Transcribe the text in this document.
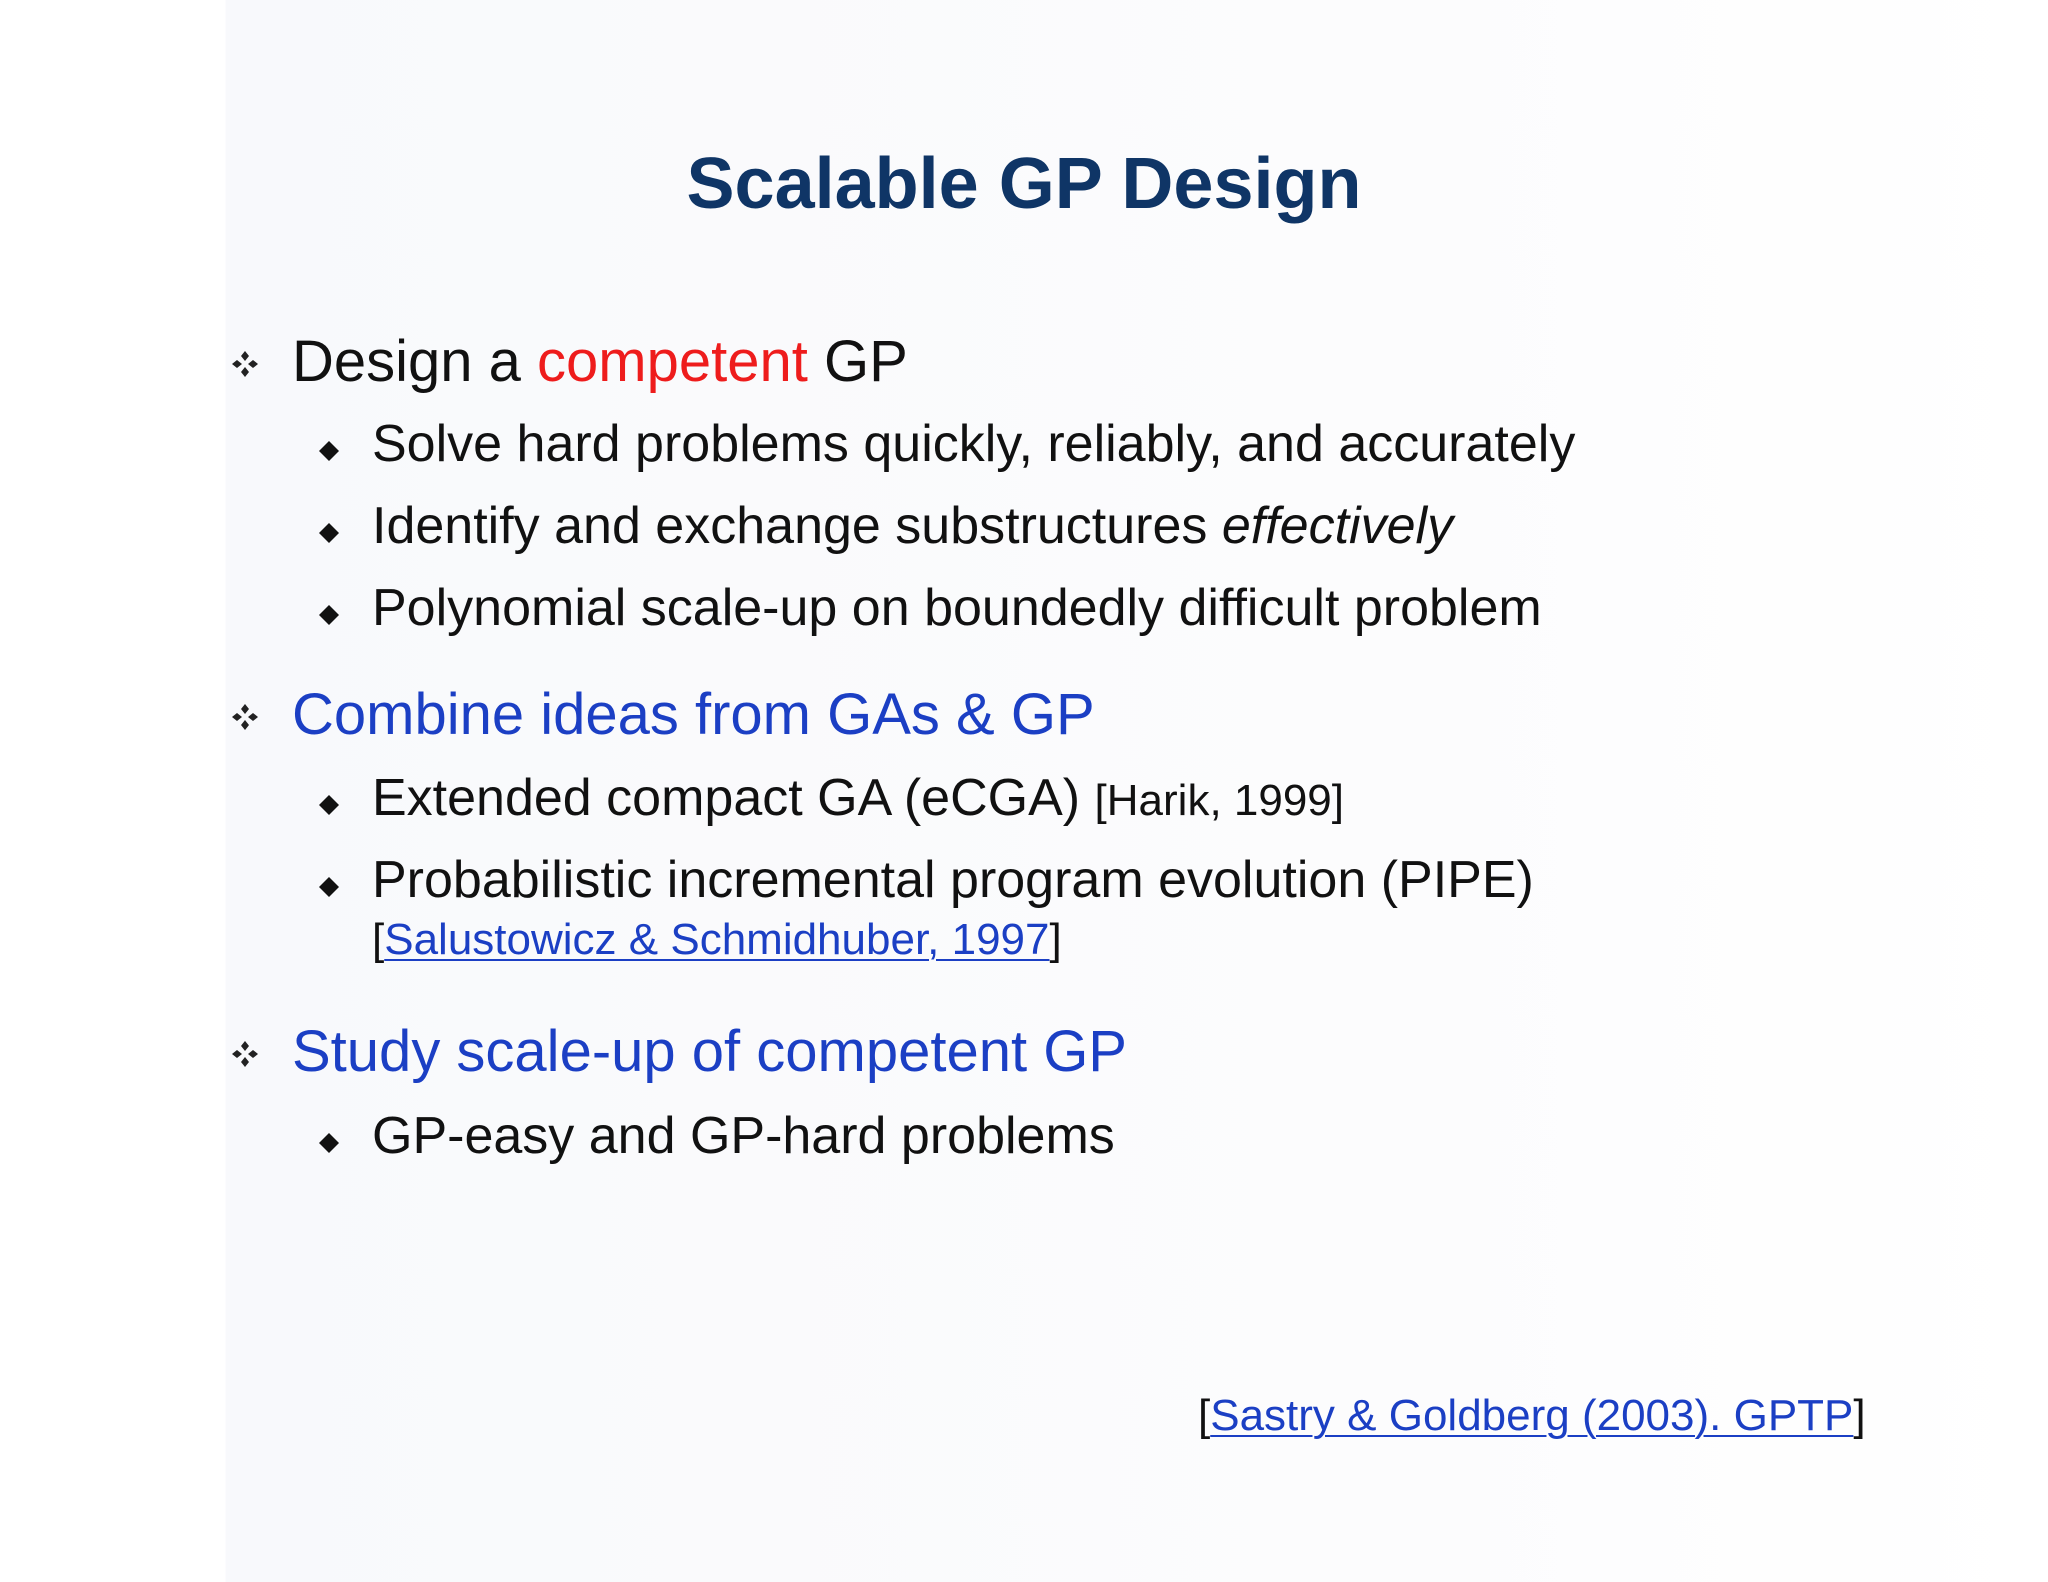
Scalable GP Design
Design a competent GP
Solve hard problems quickly, reliably, and accurately
Identify and exchange substructures effectively
Polynomial scale-up on boundedly difficult problem
Combine ideas from GAs & GP
Extended compact GA (eCGA) [Harik, 1999]
Probabilistic incremental program evolution (PIPE)
[Salustowicz & Schmidhuber, 1997]
Study scale-up of competent GP
GP-easy and GP-hard problems
[Sastry & Goldberg (2003). GPTP]
